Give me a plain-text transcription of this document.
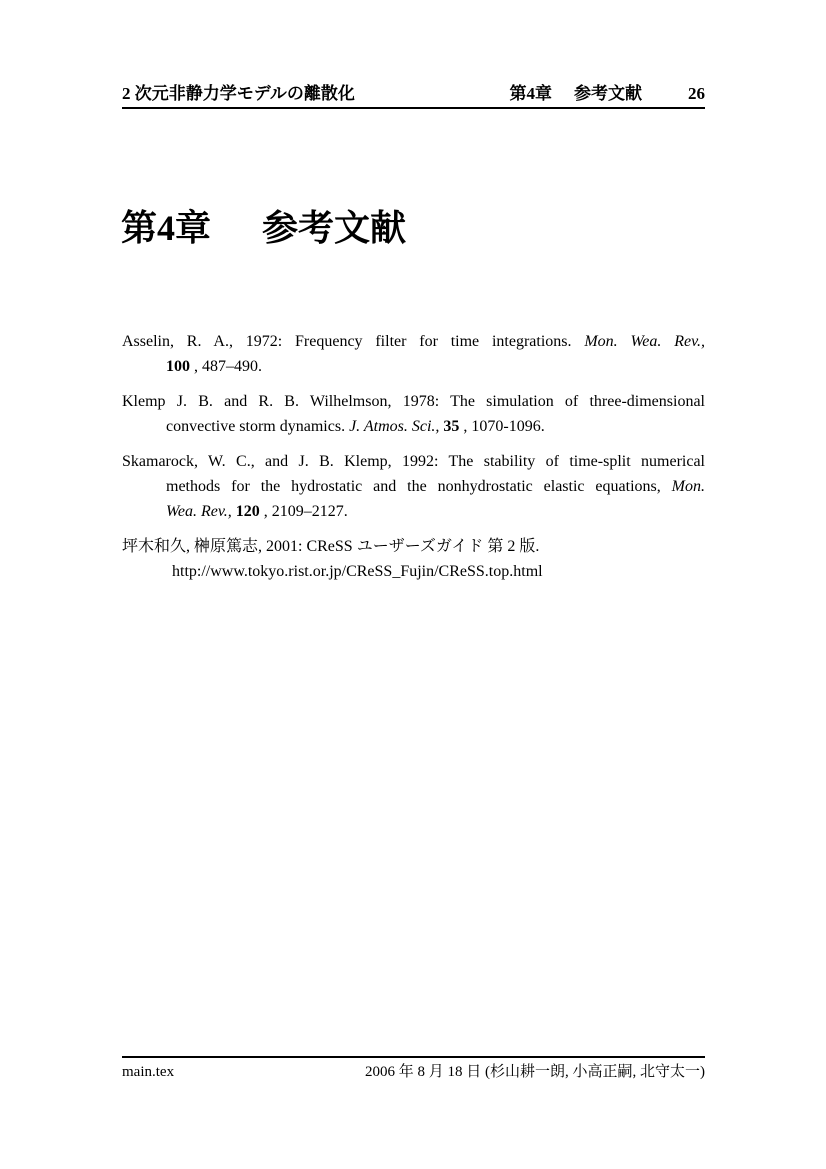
2 次元非静力学モデルの離散化	第4章 参考文献	26
第4章 参考文献
Asselin, R. A., 1972: Frequency filter for time integrations. Mon. Wea. Rev.,
100 , 487–490.
Klemp J. B. and R. B. Wilhelmson, 1978: The simulation of three-dimensional
convective storm dynamics. J. Atmos. Sci., 35 , 1070-1096.
Skamarock, W. C., and J. B. Klemp, 1992: The stability of time-split numerical
methods for the hydrostatic and the nonhydrostatic elastic equations, Mon.
Wea. Rev., 120 , 2109–2127.
坪木和久, 榊原篤志, 2001: CReSS ユーザーズガイド 第 2 版.
http://www.tokyo.rist.or.jp/CReSS_Fujin/CReSS.top.html
main.tex	2006 年 8 月 18 日 (杉山耕一朗, 小高正嗣, 北守太一)
